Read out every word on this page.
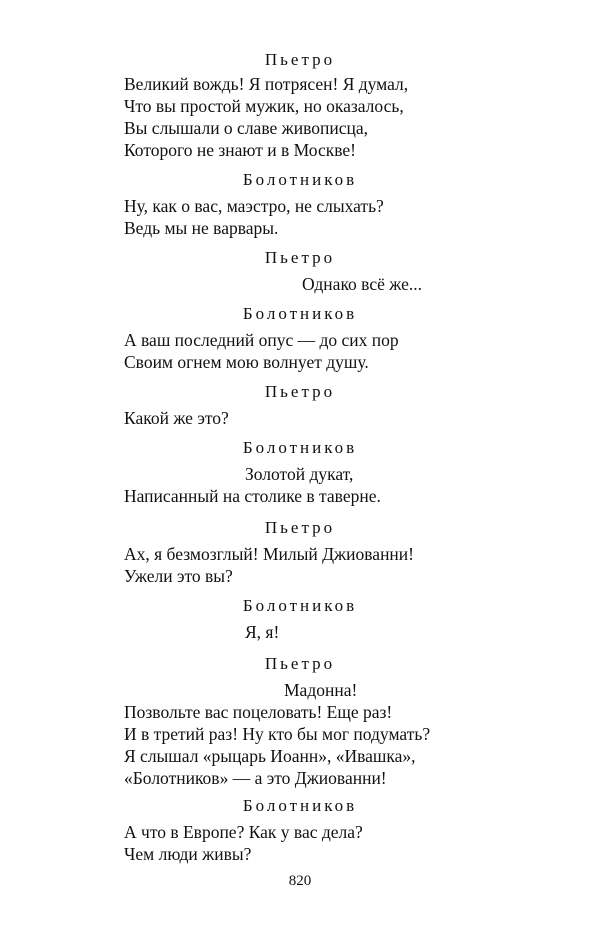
Пьетро
Великий вождь! Я потрясен! Я думал,
Что вы простой мужик, но оказалось,
Вы слышали о славе живописца,
Которого не знают и в Москве!
Болотников
Ну, как о вас, маэстро, не слыхать?
Ведь мы не варвары.
Пьетро
Однако всё же...
Болотников
А ваш последний опус — до сих пор
Своим огнем мою волнует душу.
Пьетро
Какой же это?
Болотников
Золотой дукат,
Написанный на столике в таверне.
Пьетро
Ах, я безмозглый! Милый Джиованни!
Ужели это вы?
Болотников
Я, я!
Пьетро
Мадонна!
Позвольте вас поцеловать! Еще раз!
И в третий раз! Ну кто бы мог подумать?
Я слышал «рыцарь Иоанн», «Ивашка»,
«Болотников» — а это Джиованни!
Болотников
А что в Европе? Как у вас дела?
Чем люди живы?
820
